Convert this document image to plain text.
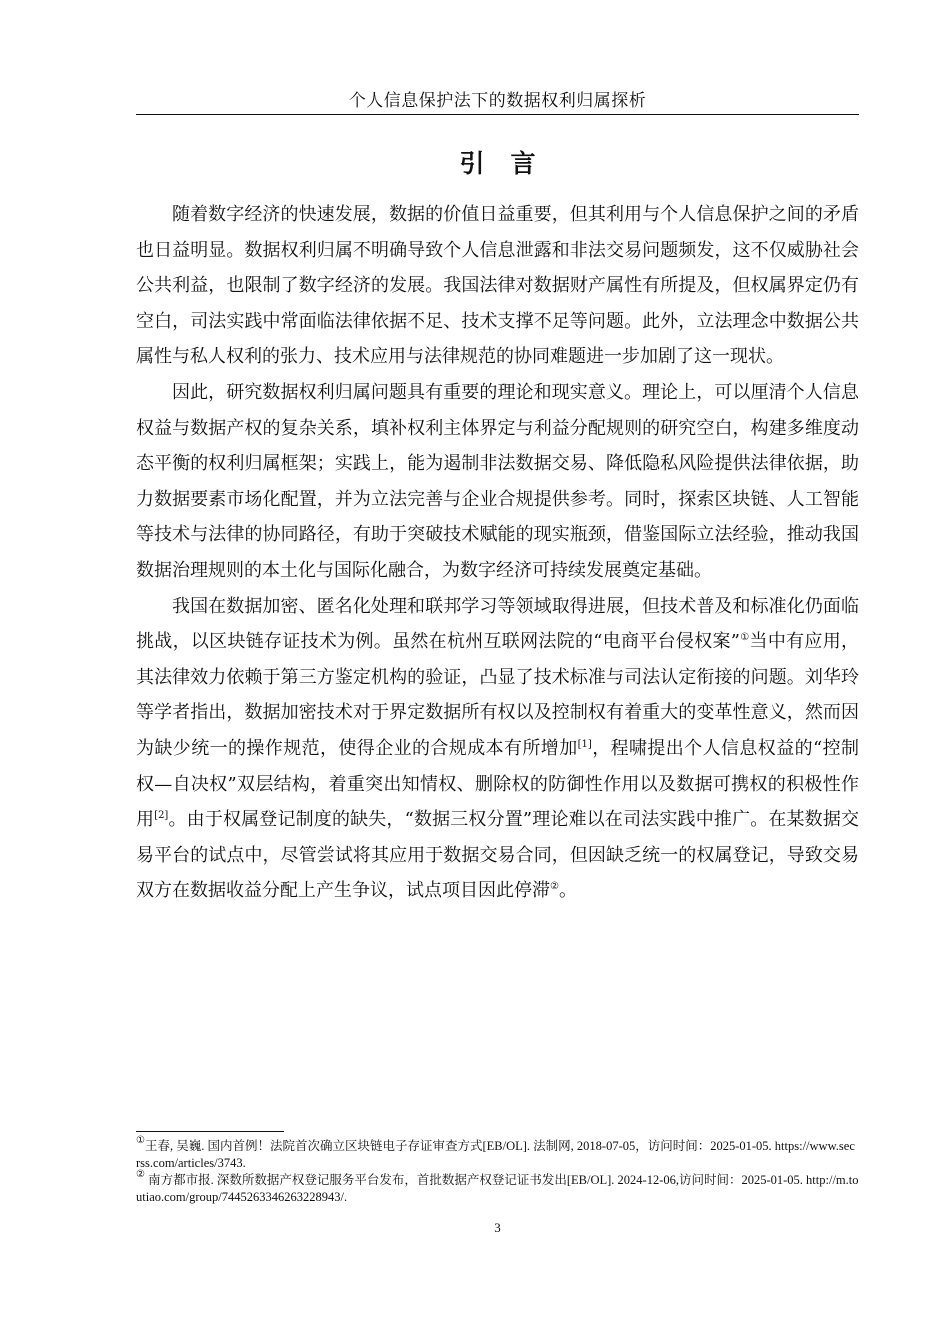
个人信息保护法下的数据权利归属探析
引言

随着数字经济的快速发展，数据的价值日益重要，但其利用与个人信息保护之间的矛盾也日益明显。数据权利归属不明确导致个人信息泄露和非法交易问题频发，这不仅威胁社会公共利益，也限制了数字经济的发展。我国法律对数据财产属性有所提及，但权属界定仍有空白，司法实践中常面临法律依据不足、技术支撑不足等问题。此外，立法理念中数据公共属性与私人权利的张力、技术应用与法律规范的协同难题进一步加剧了这一现状。

因此，研究数据权利归属问题具有重要的理论和现实意义。理论上，可以厘清个人信息权益与数据产权的复杂关系，填补权利主体界定与利益分配规则的研究空白，构建多维度动态平衡的权利归属框架；实践上，能为遏制非法数据交易、降低隐私风险提供法律依据，助力数据要素市场化配置，并为立法完善与企业合规提供参考。同时，探索区块链、人工智能等技术与法律的协同路径，有助于突破技术赋能的现实瓶颈，借鉴国际立法经验，推动我国数据治理规则的本土化与国际化融合，为数字经济可持续发展奠定基础。

我国在数据加密、匿名化处理和联邦学习等领域取得进展，但技术普及和标准化仍面临挑战，以区块链存证技术为例。虽然在杭州互联网法院的“电商平台侵权案”①当中有应用，其法律效力依赖于第三方鉴定机构的验证，凸显了技术标准与司法认定衔接的问题。刘华玲等学者指出，数据加密技术对于界定数据所有权以及控制权有着重大的变革性意义，然而因为缺少统一的操作规范，使得企业的合规成本有所增加[1]，程啸提出个人信息权益的“控制权—自决权”双层结构，着重突出知情权、删除权的防御性作用以及数据可携权的积极性作用[2]。由于权属登记制度的缺失，“数据三权分置”理论难以在司法实践中推广。在某数据交易平台的试点中，尽管尝试将其应用于数据交易合同，但因缺乏统一的权属登记，导致交易双方在数据收益分配上产生争议，试点项目因此停滞②。

①王春, 吴巍. 国内首例！法院首次确立区块链电子存证审查方式[EB/OL]. 法制网, 2018-07-05，访问时间：2025-01-05. https://www.secrss.com/articles/3743.

② 南方都市报. 深数所数据产权登记服务平台发布，首批数据产权登记证书发出[EB/OL]. 2024-12-06,访问时间：2025-01-05. http://m.toutiao.com/group/7445263346263228943/.

3
